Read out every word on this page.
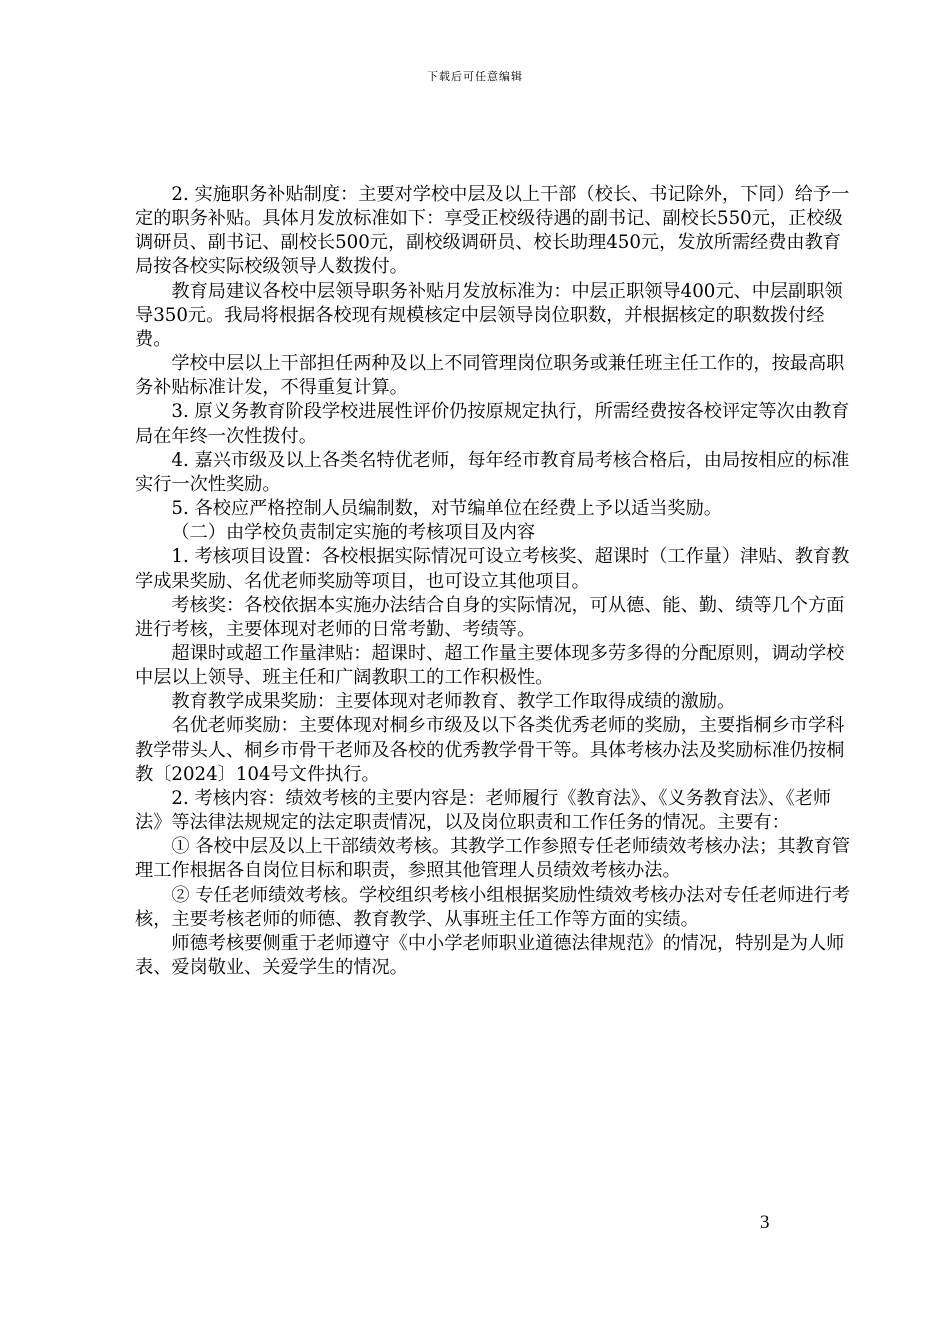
下载后可任意编辑

2. 实施职务补贴制度：主要对学校中层及以上干部（校长、书记除外，下同）给予一定的职务补贴。具体月发放标准如下：享受正校级待遇的副书记、副校长550元，正校级调研员、副书记、副校长500元，副校级调研员、校长助理450元，发放所需经费由教育局按各校实际校级领导人数拨付。

教育局建议各校中层领导职务补贴月发放标准为：中层正职领导400元、中层副职领导350元。我局将根据各校现有规模核定中层领导岗位职数，并根据核定的职数拨付经费。

学校中层以上干部担任两种及以上不同管理岗位职务或兼任班主任工作的，按最高职务补贴标准计发，不得重复计算。

3. 原义务教育阶段学校进展性评价仍按原规定执行，所需经费按各校评定等次由教育局在年终一次性拨付。

4. 嘉兴市级及以上各类名特优老师，每年经市教育局考核合格后，由局按相应的标准实行一次性奖励。

5. 各校应严格控制人员编制数，对节编单位在经费上予以适当奖励。

（二）由学校负责制定实施的考核项目及内容

1. 考核项目设置：各校根据实际情况可设立考核奖、超课时（工作量）津贴、教育教学成果奖励、名优老师奖励等项目，也可设立其他项目。

考核奖：各校依据本实施办法结合自身的实际情况，可从德、能、勤、绩等几个方面进行考核，主要体现对老师的日常考勤、考绩等。

超课时或超工作量津贴：超课时、超工作量主要体现多劳多得的分配原则，调动学校中层以上领导、班主任和广阔教职工的工作积极性。

教育教学成果奖励：主要体现对老师教育、教学工作取得成绩的激励。

名优老师奖励：主要体现对桐乡市级及以下各类优秀老师的奖励，主要指桐乡市学科教学带头人、桐乡市骨干老师及各校的优秀教学骨干等。具体考核办法及奖励标准仍按桐教〔2024〕104号文件执行。

2. 考核内容：绩效考核的主要内容是：老师履行《教育法》、《义务教育法》、《老师法》等法律法规规定的法定职责情况，以及岗位职责和工作任务的情况。主要有：

① 各校中层及以上干部绩效考核。其教学工作参照专任老师绩效考核办法；其教育管理工作根据各自岗位目标和职责，参照其他管理人员绩效考核办法。

② 专任老师绩效考核。学校组织考核小组根据奖励性绩效考核办法对专任老师进行考核，主要考核老师的师德、教育教学、从事班主任工作等方面的实绩。

师德考核要侧重于老师遵守《中小学老师职业道德法律规范》的情况，特别是为人师表、爱岗敬业、关爱学生的情况。

3
